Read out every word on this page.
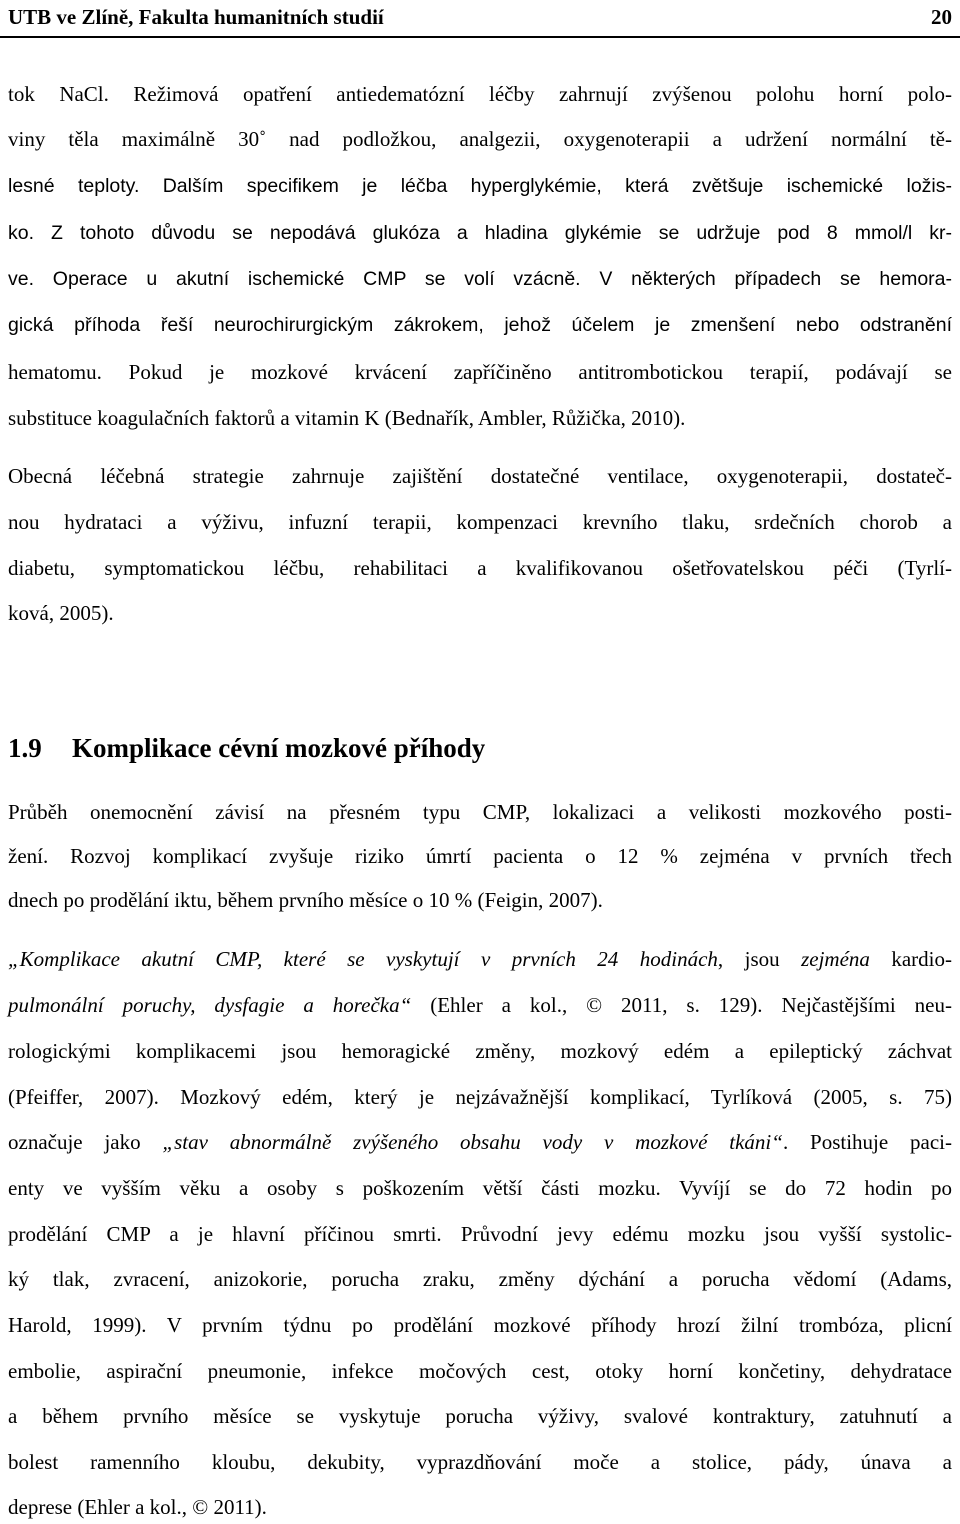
UTB ve Zlíně, Fakulta humanitních studií	20
tok NaCl. Režimová opatření antiedematózní léčby zahrnují zvýšenou polohu horní polo-
viny těla maximálně 30˚ nad podložkou, analgezii, oxygenoterapii a udržení normální tě-
lesné teploty. Dalším specifikem je léčba hyperglykémie, která zvětšuje ischemické ložis-
ko. Z tohoto důvodu se nepodává glukóza a hladina glykémie se udržuje pod 8 mmol/l kr-
ve. Operace u akutní ischemické CMP se volí vzácně. V některých případech se hemora-
gická příhoda řeší neurochirurgickým zákrokem, jehož účelem je zmenšení nebo odstranění
hematomu. Pokud je mozkové krvácení zapříčiněno antitrombotickou terapií, podávají se
substituce koagulačních faktorů a vitamin K (Bednařík, Ambler, Růžička, 2010).
Obecná léčebná strategie zahrnuje zajištění dostatečné ventilace, oxygenoterapii, dostateč-
nou hydrataci a výživu, infuzní terapii, kompenzaci krevního tlaku, srdečních chorob a
diabetu, symptomatickou léčbu, rehabilitaci a kvalifikovanou ošetřovatelskou péči (Tyrlí-
ková, 2005).
1.9 Komplikace cévní mozkové příhody
Průběh onemocnění závisí na přesném typu CMP, lokalizaci a velikosti mozkového posti-
žení. Rozvoj komplikací zvyšuje riziko úmrtí pacienta o 12 % zejména v prvních třech
dnech po prodělání iktu, během prvního měsíce o 10 % (Feigin, 2007).
„Komplikace akutní CMP, které se vyskytují v prvních 24 hodinách, jsou zejména kardio-
pulmonální poruchy, dysfagie a horečka“ (Ehler a kol., © 2011, s. 129). Nejčastějšími neu-
rologickými komplikacemi jsou hemoragické změny, mozkový edém a epileptický záchvat
(Pfeiffer, 2007). Mozkový edém, který je nejzávažnější komplikací, Tyrlíková (2005, s. 75)
označuje jako „stav abnormálně zvýšeného obsahu vody v mozkové tkáni“. Postihuje paci-
enty ve vyšším věku a osoby s poškozením větší části mozku. Vyvíjí se do 72 hodin po
prodělání CMP a je hlavní příčinou smrti. Průvodní jevy edému mozku jsou vyšší systolic-
ký tlak, zvracení, anizokorie, porucha zraku, změny dýchání a porucha vědomí (Adams,
Harold, 1999). V prvním týdnu po prodělání mozkové příhody hrozí žilní trombóza, plicní
embolie, aspirační pneumonie, infekce močových cest, otoky horní končetiny, dehydratace
a během prvního měsíce se vyskytuje porucha výživy, svalové kontraktury, zatuhnutí a
bolest ramenního kloubu, dekubity, vyprazdňování moče a stolice, pády, únava a
deprese (Ehler a kol., © 2011).
